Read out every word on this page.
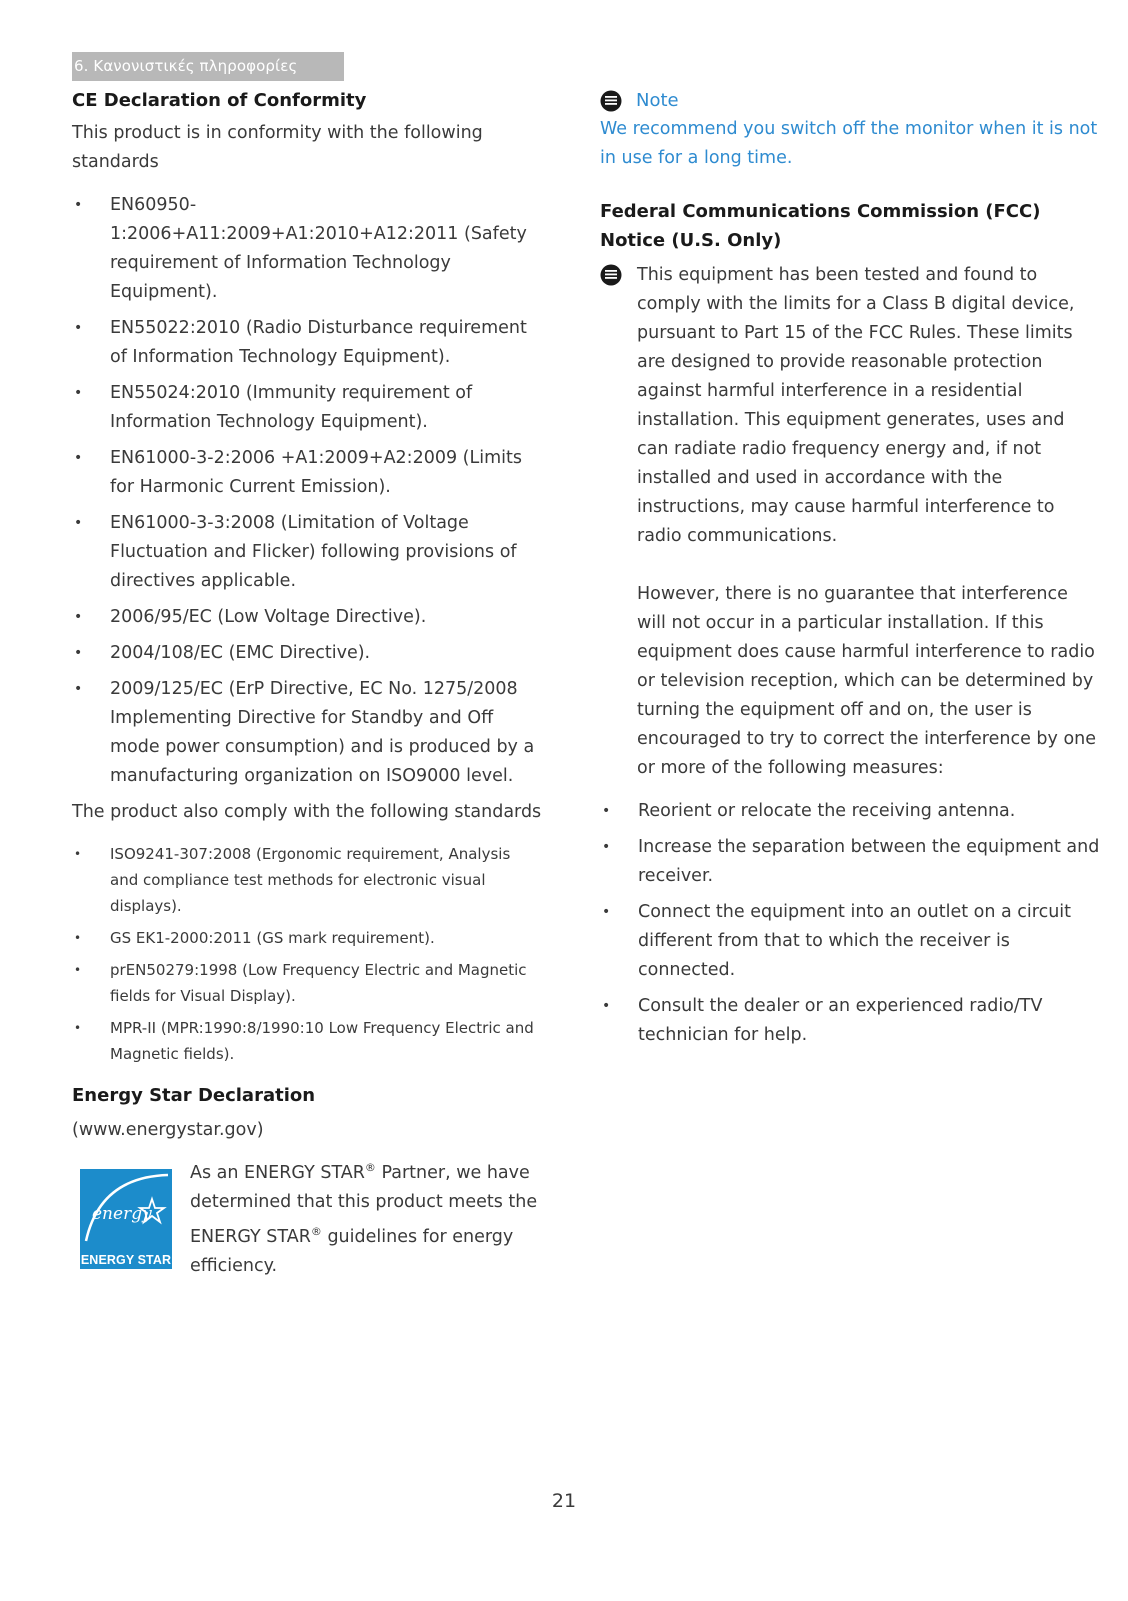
6. Κανονιστικές πληροφορίες
CE Declaration of Conformity

This product is in conformity with the following standards

• EN60950-1:2006+A11:2009+A1:2010+A12:2011 (Safety requirement of Information Technology Equipment).
• EN55022:2010 (Radio Disturbance requirement of Information Technology Equipment).
• EN55024:2010 (Immunity requirement of Information Technology Equipment).
• EN61000-3-2:2006 +A1:2009+A2:2009 (Limits for Harmonic Current Emission).
• EN61000-3-3:2008 (Limitation of Voltage Fluctuation and Flicker) following provisions of directives applicable.
• 2006/95/EC (Low Voltage Directive).
• 2004/108/EC (EMC Directive).
• 2009/125/EC (ErP Directive, EC No. 1275/2008 Implementing Directive for Standby and Off mode power consumption) and is produced by a manufacturing organization on ISO9000 level.

The product also comply with the following standards

• ISO9241-307:2008 (Ergonomic requirement, Analysis and compliance test methods for electronic visual displays).
• GS EK1-2000:2011 (GS mark requirement).
• prEN50279:1998 (Low Frequency Electric and Magnetic fields for Visual Display).
• MPR-II (MPR:1990:8/1990:10 Low Frequency Electric and Magnetic fields).
Energy Star Declaration

(www.energystar.gov)

energy
ENERGY STAR
As an ENERGY STAR® Partner, we have determined that this product meets the ENERGY STAR® guidelines for energy efficiency.
Note

We recommend you switch off the monitor when it is not in use for a long time.

Federal Communications Commission (FCC) Notice (U.S. Only)

This equipment has been tested and found to comply with the limits for a Class B digital device, pursuant to Part 15 of the FCC Rules. These limits are designed to provide reasonable protection against harmful interference in a residential installation. This equipment generates, uses and can radiate radio frequency energy and, if not installed and used in accordance with the instructions, may cause harmful interference to radio communications.

However, there is no guarantee that interference will not occur in a particular installation. If this equipment does cause harmful interference to radio or television reception, which can be determined by turning the equipment off and on, the user is encouraged to try to correct the interference by one or more of the following measures:

• Reorient or relocate the receiving antenna.
• Increase the separation between the equipment and receiver.
• Connect the equipment into an outlet on a circuit different from that to which the receiver is connected.
• Consult the dealer or an experienced radio/TV technician for help.
21
